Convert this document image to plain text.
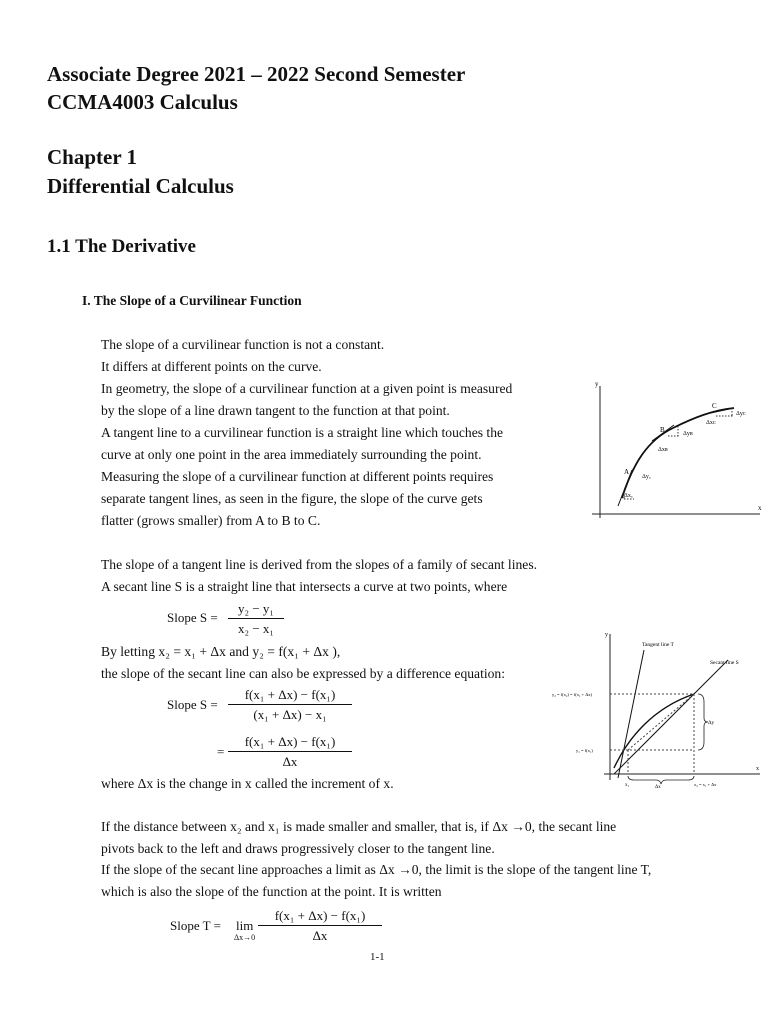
Associate Degree 2021 – 2022 Second Semester
CCMA4003 Calculus
Chapter 1
Differential Calculus
1.1 The Derivative
I. The Slope of a Curvilinear Function
The slope of a curvilinear function is not a constant.
It differs at different points on the curve.
In geometry, the slope of a curvilinear function at a given point is measured
by the slope of a line drawn tangent to the function at that point.
A tangent line to a curvilinear function is a straight line which touches the
curve at only one point in the area immediately surrounding the point.
Measuring the slope of a curvilinear function at different points requires
separate tangent lines, as seen in the figure, the slope of the curve gets
flatter (grows smaller) from A to B to C.
y
x
A
B
C
Δxₐ
Δyₐ
Δxʙ
Δyʙ
Δxᴄ
Δyᴄ
The slope of a tangent line is derived from the slopes of a family of secant lines.
A secant line S is a straight line that intersects a curve at two points, where
Slope S =
y₂ − y₁
x₂ − x₁
By letting x₂ = x₁ + Δx and y₂ = f(x₁ + Δx ),
the slope of the secant line can also be expressed by a difference equation:
Slope S =
f(x₁ + Δx) − f(x₁)
(x₁ + Δx) − x₁
=
f(x₁ + Δx) − f(x₁)
Δx
where Δx is the change in x called the increment of x.
y
x
Tangent line T
Secant line S
y₂ = f(x₂) = f(x₁ + Δx)
y₁ = f(x₁)
Δy
x₁	Δx
x₂ = x₁ + Δx
If the distance between x₂ and x₁ is made smaller and smaller, that is, if Δx →0, the secant line
pivots back to the left and draws progressively closer to the tangent line.
If the slope of the secant line approaches a limit as Δx →0, the limit is the slope of the tangent line T,
which is also the slope of the function at the point. It is written
Slope T = lim
Δx→0
f(x₁ + Δx) − f(x₁)
Δx
1-1
